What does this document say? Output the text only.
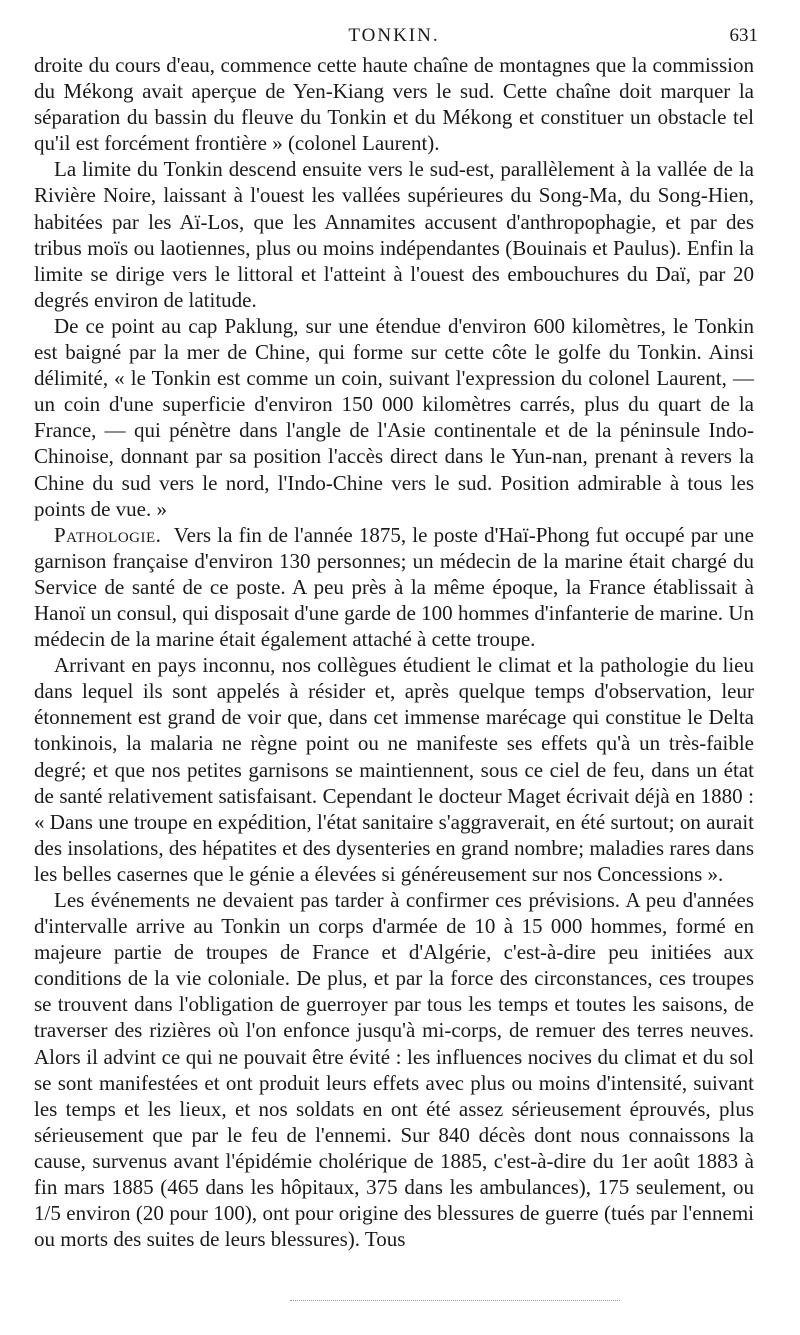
TONKIN.	631

droite du cours d'eau, commence cette haute chaîne de montagnes que la commission du Mékong avait aperçue de Yen-Kiang vers le sud. Cette chaîne doit marquer la séparation du bassin du fleuve du Tonkin et du Mékong et constituer un obstacle tel qu'il est forcément frontière » (colonel Laurent).

La limite du Tonkin descend ensuite vers le sud-est, parallèlement à la vallée de la Rivière Noire, laissant à l'ouest les vallées supérieures du Song-Ma, du Song-Hien, habitées par les Aï-Los, que les Annamites accusent d'anthropophagie, et par des tribus moïs ou laotiennes, plus ou moins indépendantes (Bouinais et Paulus). Enfin la limite se dirige vers le littoral et l'atteint à l'ouest des embouchures du Daï, par 20 degrés environ de latitude.

De ce point au cap Paklung, sur une étendue d'environ 600 kilomètres, le Tonkin est baigné par la mer de Chine, qui forme sur cette côte le golfe du Tonkin. Ainsi délimité, « le Tonkin est comme un coin, suivant l'expression du colonel Laurent, — un coin d'une superficie d'environ 150 000 kilomètres carrés, plus du quart de la France, — qui pénètre dans l'angle de l'Asie continentale et de la péninsule Indo-Chinoise, donnant par sa position l'accès direct dans le Yun-nan, prenant à revers la Chine du sud vers le nord, l'Indo-Chine vers le sud. Position admirable à tous les points de vue. »

Pathologie. Vers la fin de l'année 1875, le poste d'Haï-Phong fut occupé par une garnison française d'environ 130 personnes; un médecin de la marine était chargé du Service de santé de ce poste. A peu près à la même époque, la France établissait à Hanoï un consul, qui disposait d'une garde de 100 hommes d'infanterie de marine. Un médecin de la marine était également attaché à cette troupe.

Arrivant en pays inconnu, nos collègues étudient le climat et la pathologie du lieu dans lequel ils sont appelés à résider et, après quelque temps d'observation, leur étonnement est grand de voir que, dans cet immense marécage qui constitue le Delta tonkinois, la malaria ne règne point ou ne manifeste ses effets qu'à un très-faible degré; et que nos petites garnisons se maintiennent, sous ce ciel de feu, dans un état de santé relativement satisfaisant. Cependant le docteur Maget écrivait déjà en 1880 : « Dans une troupe en expédition, l'état sanitaire s'aggraverait, en été surtout; on aurait des insolations, des hépatites et des dysenteries en grand nombre; maladies rares dans les belles casernes que le génie a élevées si généreusement sur nos Concessions ».

Les événements ne devaient pas tarder à confirmer ces prévisions. A peu d'années d'intervalle arrive au Tonkin un corps d'armée de 10 à 15 000 hommes, formé en majeure partie de troupes de France et d'Algérie, c'est-à-dire peu initiées aux conditions de la vie coloniale. De plus, et par la force des circonstances, ces troupes se trouvent dans l'obligation de guerroyer par tous les temps et toutes les saisons, de traverser des rizières où l'on enfonce jusqu'à mi-corps, de remuer des terres neuves. Alors il advint ce qui ne pouvait être évité : les influences nocives du climat et du sol se sont manifestées et ont produit leurs effets avec plus ou moins d'intensité, suivant les temps et les lieux, et nos soldats en ont été assez sérieusement éprouvés, plus sérieusement que par le feu de l'ennemi. Sur 840 décès dont nous connaissons la cause, survenus avant l'épidémie cholérique de 1885, c'est-à-dire du 1er août 1883 à fin mars 1885 (465 dans les hôpitaux, 375 dans les ambulances), 175 seulement, ou 1/5 environ (20 pour 100), ont pour origine des blessures de guerre (tués par l'ennemi ou morts des suites de leurs blessures). Tous
